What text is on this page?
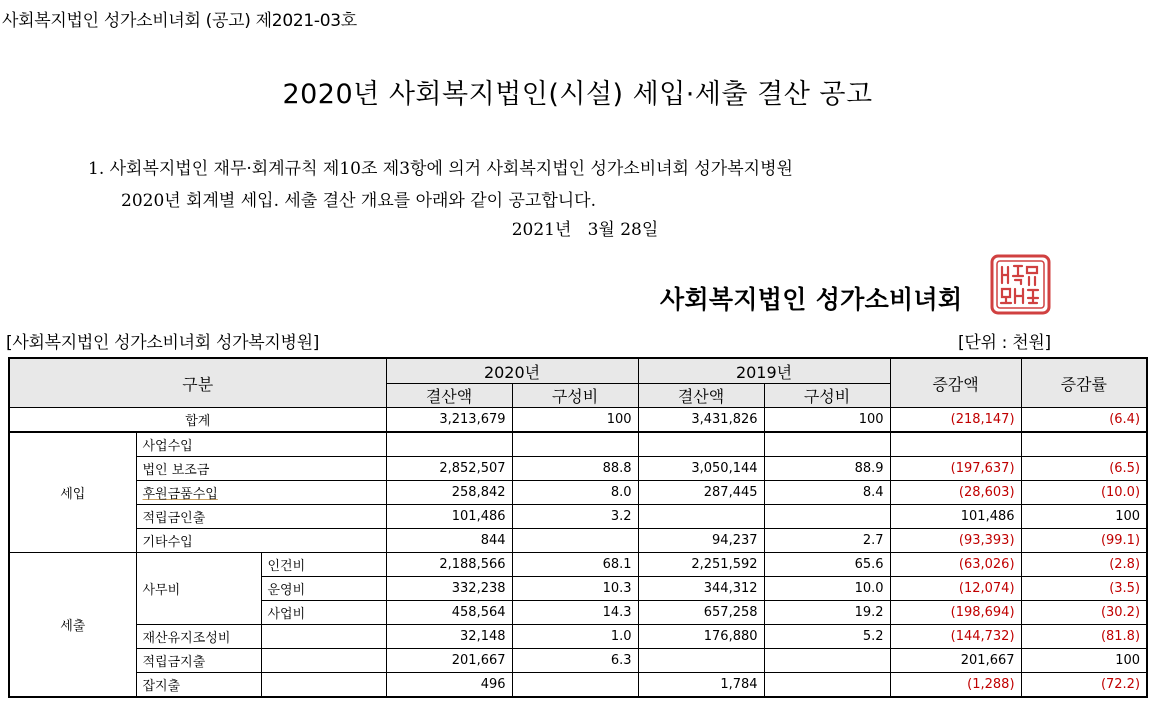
사회복지법인 성가소비녀회 (공고) 제2021-03호
2020년 사회복지법인(시설) 세입·세출 결산 공고
1. 사회복지법인 재무·회계규칙 제10조 제3항에 의거 사회복지법인 성가소비녀회 성가복지병원
2020년 회계별 세입. 세출 결산 개요를 아래와 같이 공고합니다.
2021년   3월 28일
사회복지법인 성가소비녀회
[사회복지법인 성가소비녀회 성가복지병원]	[단위 : 천원]
구분			2020년		2019년		증감액	증감률
			결산액	구성비	결산액	구성비		
합계			3,213,679	100	3,431,826	100	(218,147)	(6.4)
세입	사업수입							
	법인 보조금		2,852,507	88.8	3,050,144	88.9	(197,637)	(6.5)
	후원금품수입		258,842	8.0	287,445	8.4	(28,603)	(10.0)
	적립금인출		101,486	3.2			101,486	100
	기타수입		844		94,237	2.7	(93,393)	(99.1)
세출	사무비	인건비	2,188,566	68.1	2,251,592	65.6	(63,026)	(2.8)
		운영비	332,238	10.3	344,312	10.0	(12,074)	(3.5)
		사업비	458,564	14.3	657,258	19.2	(198,694)	(30.2)
	재산유지조성비		32,148	1.0	176,880	5.2	(144,732)	(81.8)
	적립금지출		201,667	6.3			201,667	100
	잡지출		496		1,784		(1,288)	(72.2)
